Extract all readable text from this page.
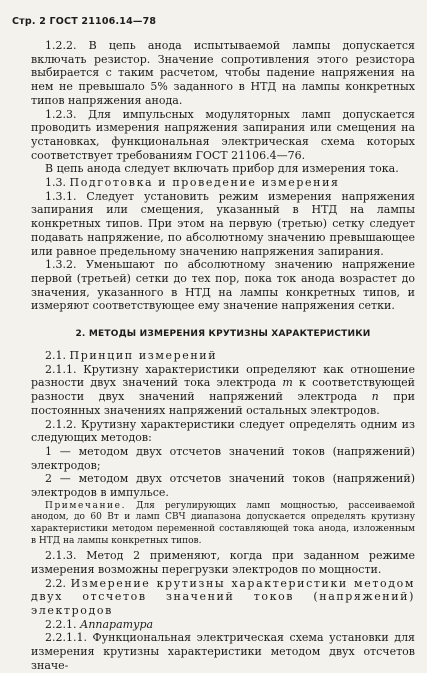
Стр. 2 ГОСТ 21106.14—78

1.2.2. В цепь анода испытываемой лампы допускается включать резистор. Значение сопротивления этого резистора выбирается с таким расчетом, чтобы падение напряжения на нем не превышало 5% заданного в НТД на лампы конкретных типов напряжения анода.

1.2.3. Для импульсных модуляторных ламп допускается проводить измерения напряжения запирания или смещения на установках, функциональная электрическая схема которых соответствует требованиям ГОСТ 21106.4—76.

В цепь анода следует включать прибор для измерения тока.

1.3. Подготовка и проведение измерения

1.3.1. Следует установить режим измерения напряжения запирания или смещения, указанный в НТД на лампы конкретных типов. При этом на первую (третью) сетку следует подавать напряжение, по абсолютному значению превышающее или равное предельному значению напряжения запирания.

1.3.2. Уменьшают по абсолютному значению напряжение первой (третьей) сетки до тех пор, пока ток анода возрастет до значения, указанного в НТД на лампы конкретных типов, и измеряют соответствующее ему значение напряжения сетки.

2. МЕТОДЫ ИЗМЕРЕНИЯ КРУТИЗНЫ ХАРАКТЕРИСТИКИ

2.1. Принцип измерений

2.1.1. Крутизну характеристики определяют как отношение разности двух значений тока электрода m к соответствующей разности двух значений напряжений электрода n при постоянных значениях напряжений остальных электродов.

2.1.2. Крутизну характеристики следует определять одним из следующих методов:

1 — методом двух отсчетов значений токов (напряжений) электродов;

2 — методом двух отсчетов значений токов (напряжений) электродов в импульсе.

Примечание. Для регулирующих ламп мощностью, рассеиваемой анодом, до 60 Вт и ламп СВЧ диапазона допускается определять крутизну характеристики методом переменной составляющей тока анода, изложенным в НТД на лампы конкретных типов.

2.1.3. Метод 2 применяют, когда при заданном режиме измерения возможны перегрузки электродов по мощности.

2.2. Измерение крутизны характеристики методом двух отсчетов значений токов (напряжений) электродов

2.2.1. Аппаратура

2.2.1.1. Функциональная электрическая схема установки для измерения крутизны характеристики методом двух отсчетов значе-
